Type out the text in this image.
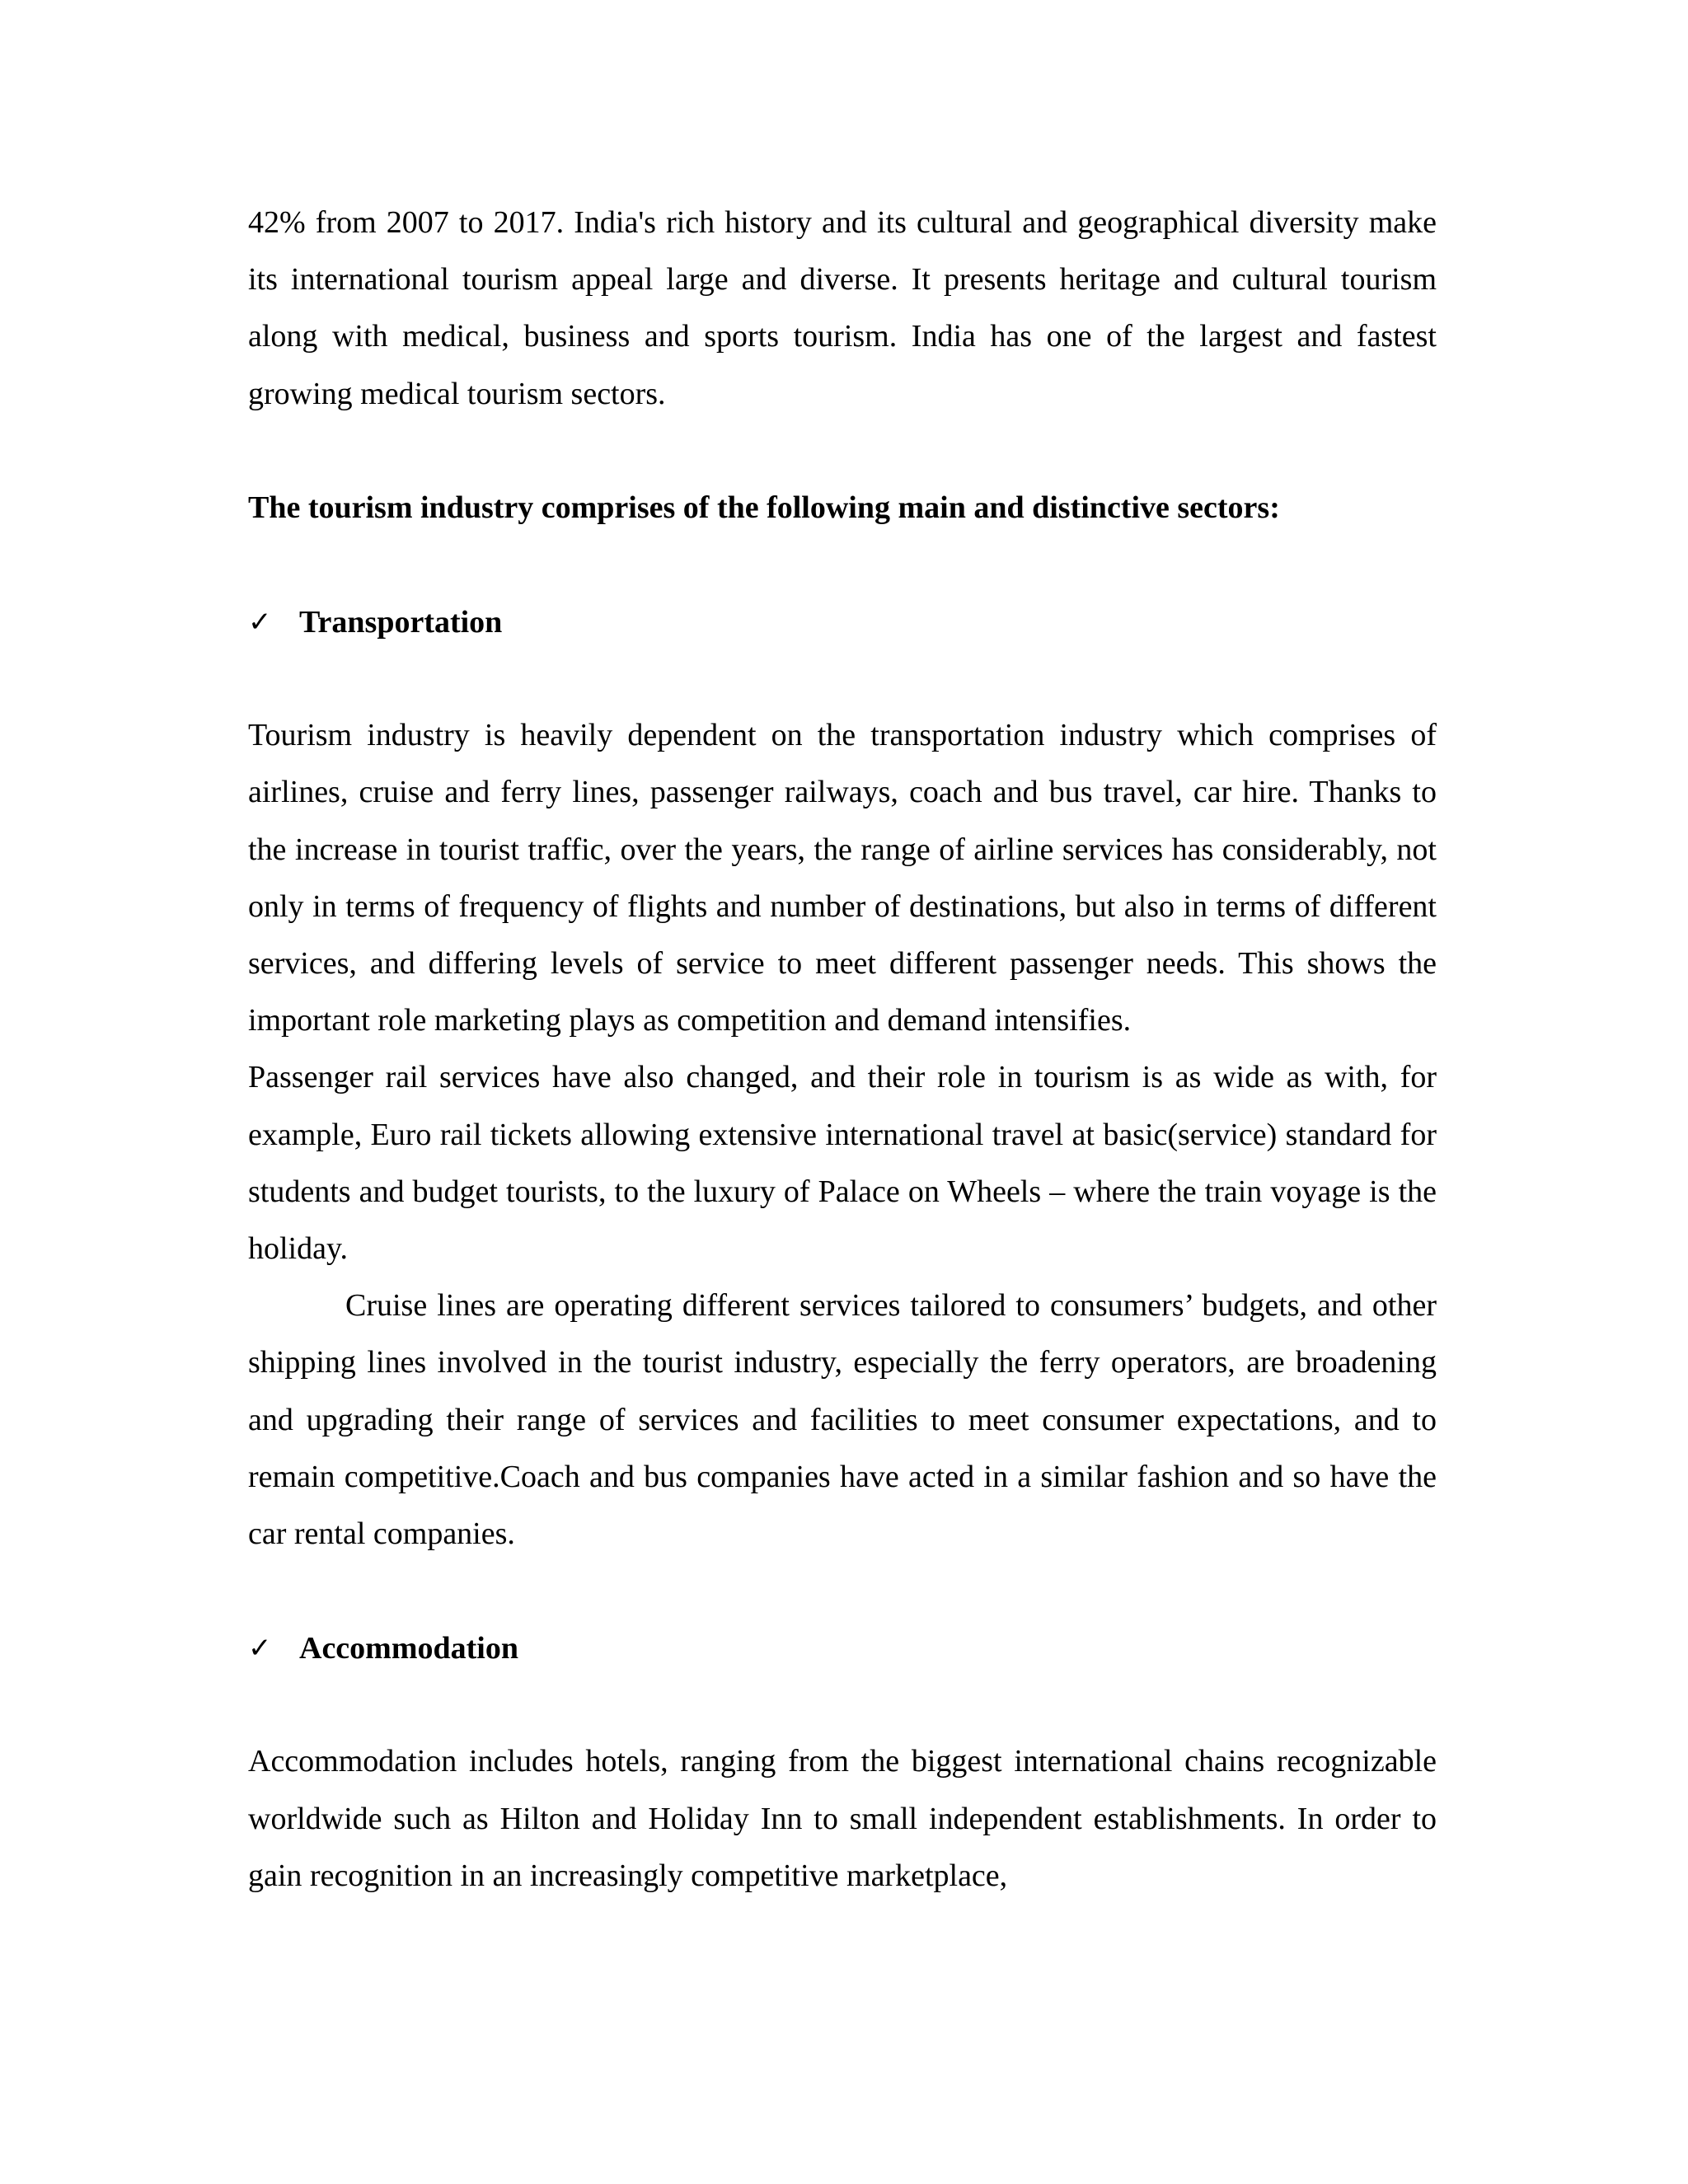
42% from 2007 to 2017. India's rich history and its cultural and geographical diversity make its international tourism appeal large and diverse. It presents heritage and cultural tourism along with medical, business and sports tourism. India has one of the largest and fastest growing medical tourism sectors.

The tourism industry comprises of the following main and distinctive sectors:

✓ Transportation

Tourism industry is heavily dependent on the transportation industry which comprises of airlines, cruise and ferry lines, passenger railways, coach and bus travel, car hire. Thanks to the increase in tourist traffic, over the years, the range of airline services has considerably, not only in terms of frequency of flights and number of destinations, but also in terms of different services, and differing levels of service to meet different passenger needs. This shows the important role marketing plays as competition and demand intensifies.

Passenger rail services have also changed, and their role in tourism is as wide as with, for example, Euro rail tickets allowing extensive international travel at basic(service) standard for students and budget tourists, to the luxury of Palace on Wheels – where the train voyage is the holiday.

Cruise lines are operating different services tailored to consumers’ budgets, and other shipping lines involved in the tourist industry, especially the ferry operators, are broadening and upgrading their range of services and facilities to meet consumer expectations, and to remain competitive.Coach and bus companies have acted in a similar fashion and so have the car rental companies.

✓ Accommodation

Accommodation includes hotels, ranging from the biggest international chains recognizable worldwide such as Hilton and Holiday Inn to small independent establishments. In order to gain recognition in an increasingly competitive marketplace,
